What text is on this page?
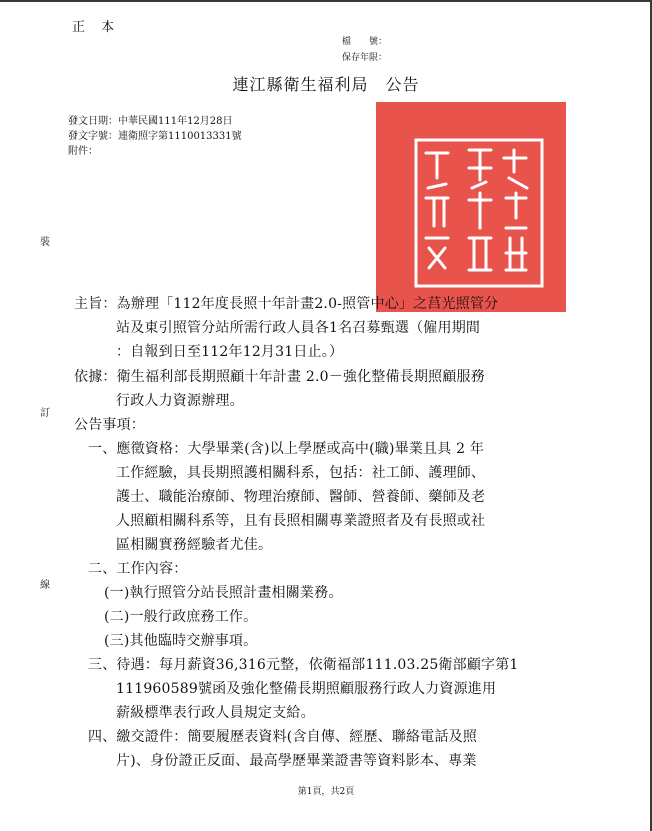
正 本
檔　　號：
保存年限：
連江縣衛生福利局　公告
發文日期：中華民國111年12月28日
發文字號：連衛照字第1110013331號
附件：
裝
訂
線
主旨：為辦理「112年度長照十年計畫2.0-照管中心」之莒光照管分
站及東引照管分站所需行政人員各1名召募甄選（僱用期間
：自報到日至112年12月31日止。）
依據：衛生福利部長期照顧十年計畫 2.0－強化整備長期照顧服務
行政人力資源辦理。
公告事項：
一、應徵資格：大學畢業(含)以上學歷或高中(職)畢業且具 2 年
工作經驗，具長期照護相關科系，包括：社工師、護理師、
護士、職能治療師、物理治療師、醫師、營養師、藥師及老
人照顧相關科系等，且有長照相關專業證照者及有長照或社
區相關實務經驗者尤佳。
二、工作內容：
(一)執行照管分站長照計畫相關業務。
(二)一般行政庶務工作。
(三)其他臨時交辦事項。
三、待遇：每月薪資36,316元整，依衛福部111.03.25衛部顧字第1
111960589號函及強化整備長期照顧服務行政人力資源進用
薪級標準表行政人員規定支給。
四、繳交證件：簡要履歷表資料(含自傳、經歷、聯絡電話及照
片)、身份證正反面、最高學歷畢業證書等資料影本、專業
第1頁，共2頁
